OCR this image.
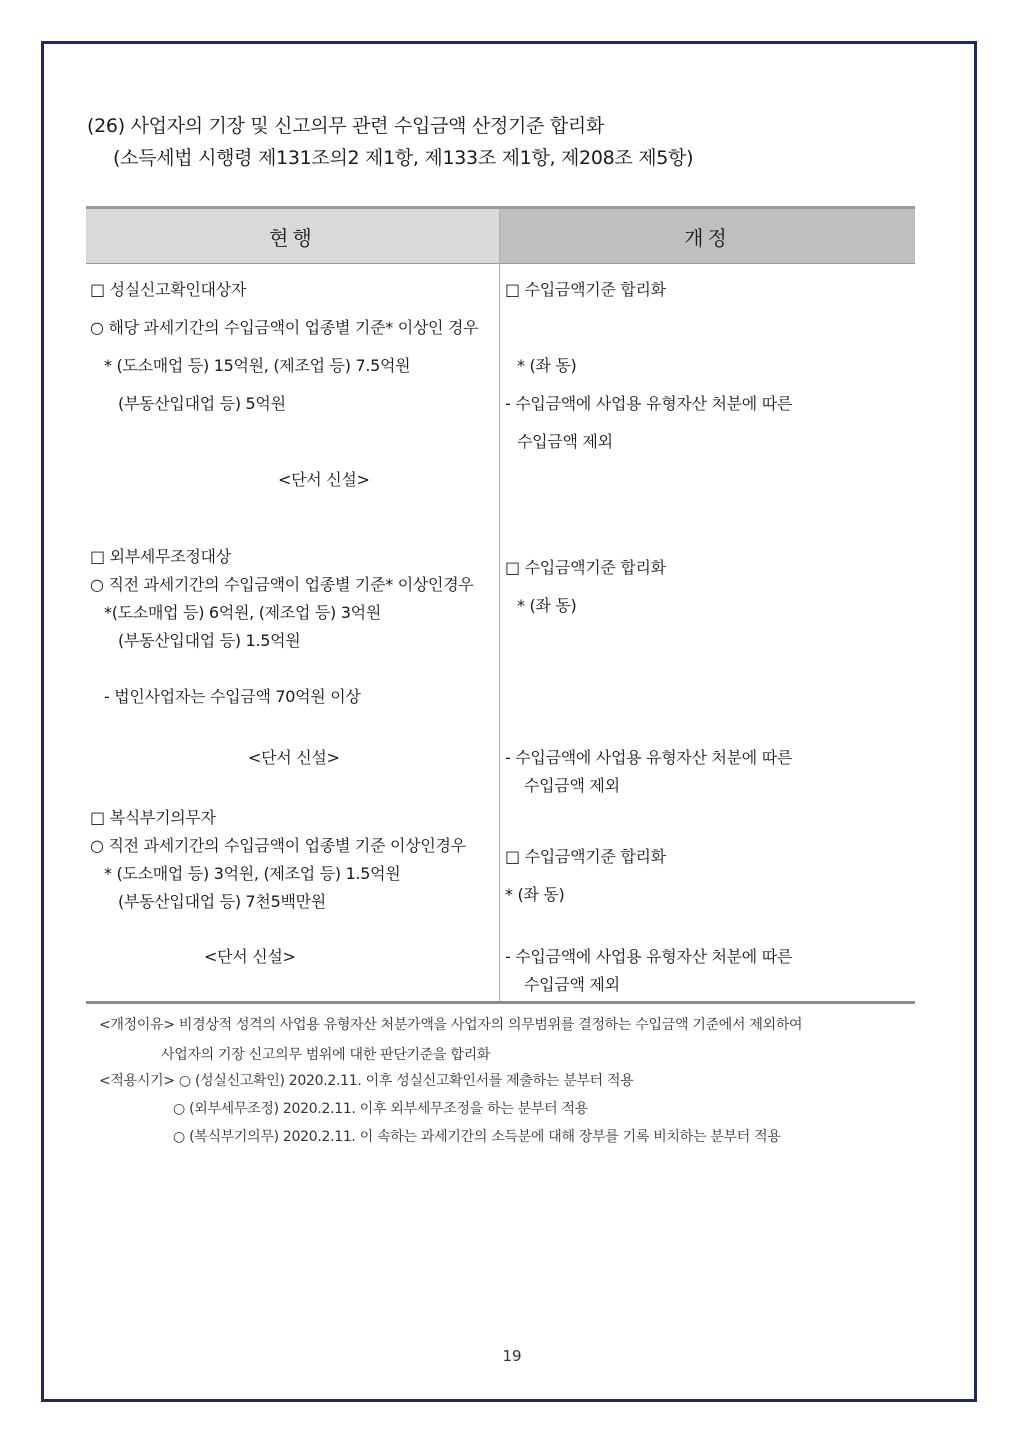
(26) 사업자의 기장 및 신고의무 관련 수입금액 산정기준 합리화
(소득세법 시행령 제131조의2 제1항, 제133조 제1항, 제208조 제5항)
현행	개정
□ 성실신고확인대상자
○ 해당 과세기간의 수입금액이 업종별 기준* 이상인 경우
* (도소매업 등) 15억원, (제조업 등) 7.5억원
(부동산입대업 등) 5억원
<단서 신설>
□ 외부세무조정대상
○ 직전 과세기간의 수입금액이 업종별 기준* 이상인경우
*(도소매업 등) 6억원, (제조업 등) 3억원
(부동산입대업 등) 1.5억원
- 법인사업자는 수입금액 70억원 이상
<단서 신설>
□ 복식부기의무자
○ 직전 과세기간의 수입금액이 업종별 기준 이상인경우
* (도소매업 등) 3억원, (제조업 등) 1.5억원
(부동산입대업 등) 7천5백만원
<단서 신설>
□ 수입금액기준 합리화
* (좌 동)
- 수입금액에 사업용 유형자산 처분에 따른
수입금액 제외
□ 수입금액기준 합리화
* (좌 동)
- 수입금액에 사업용 유형자산 처분에 따른
수입금액 제외
□ 수입금액기준 합리화
* (좌 동)
- 수입금액에 사업용 유형자산 처분에 따른
수입금액 제외
<개정이유> 비경상적 성격의 사업용 유형자산 처분가액을 사업자의 의무범위를 결정하는 수입금액 기준에서 제외하여
사업자의 기장 신고의무 범위에 대한 판단기준을 합리화
<적용시기> ○ (성실신고확인) 2020.2.11. 이후 성실신고확인서를 제출하는 분부터 적용
○ (외부세무조정) 2020.2.11. 이후 외부세무조정을 하는 분부터 적용
○ (복식부기의무) 2020.2.11. 이 속하는 과세기간의 소득분에 대해 장부를 기록 비치하는 분부터 적용
19
